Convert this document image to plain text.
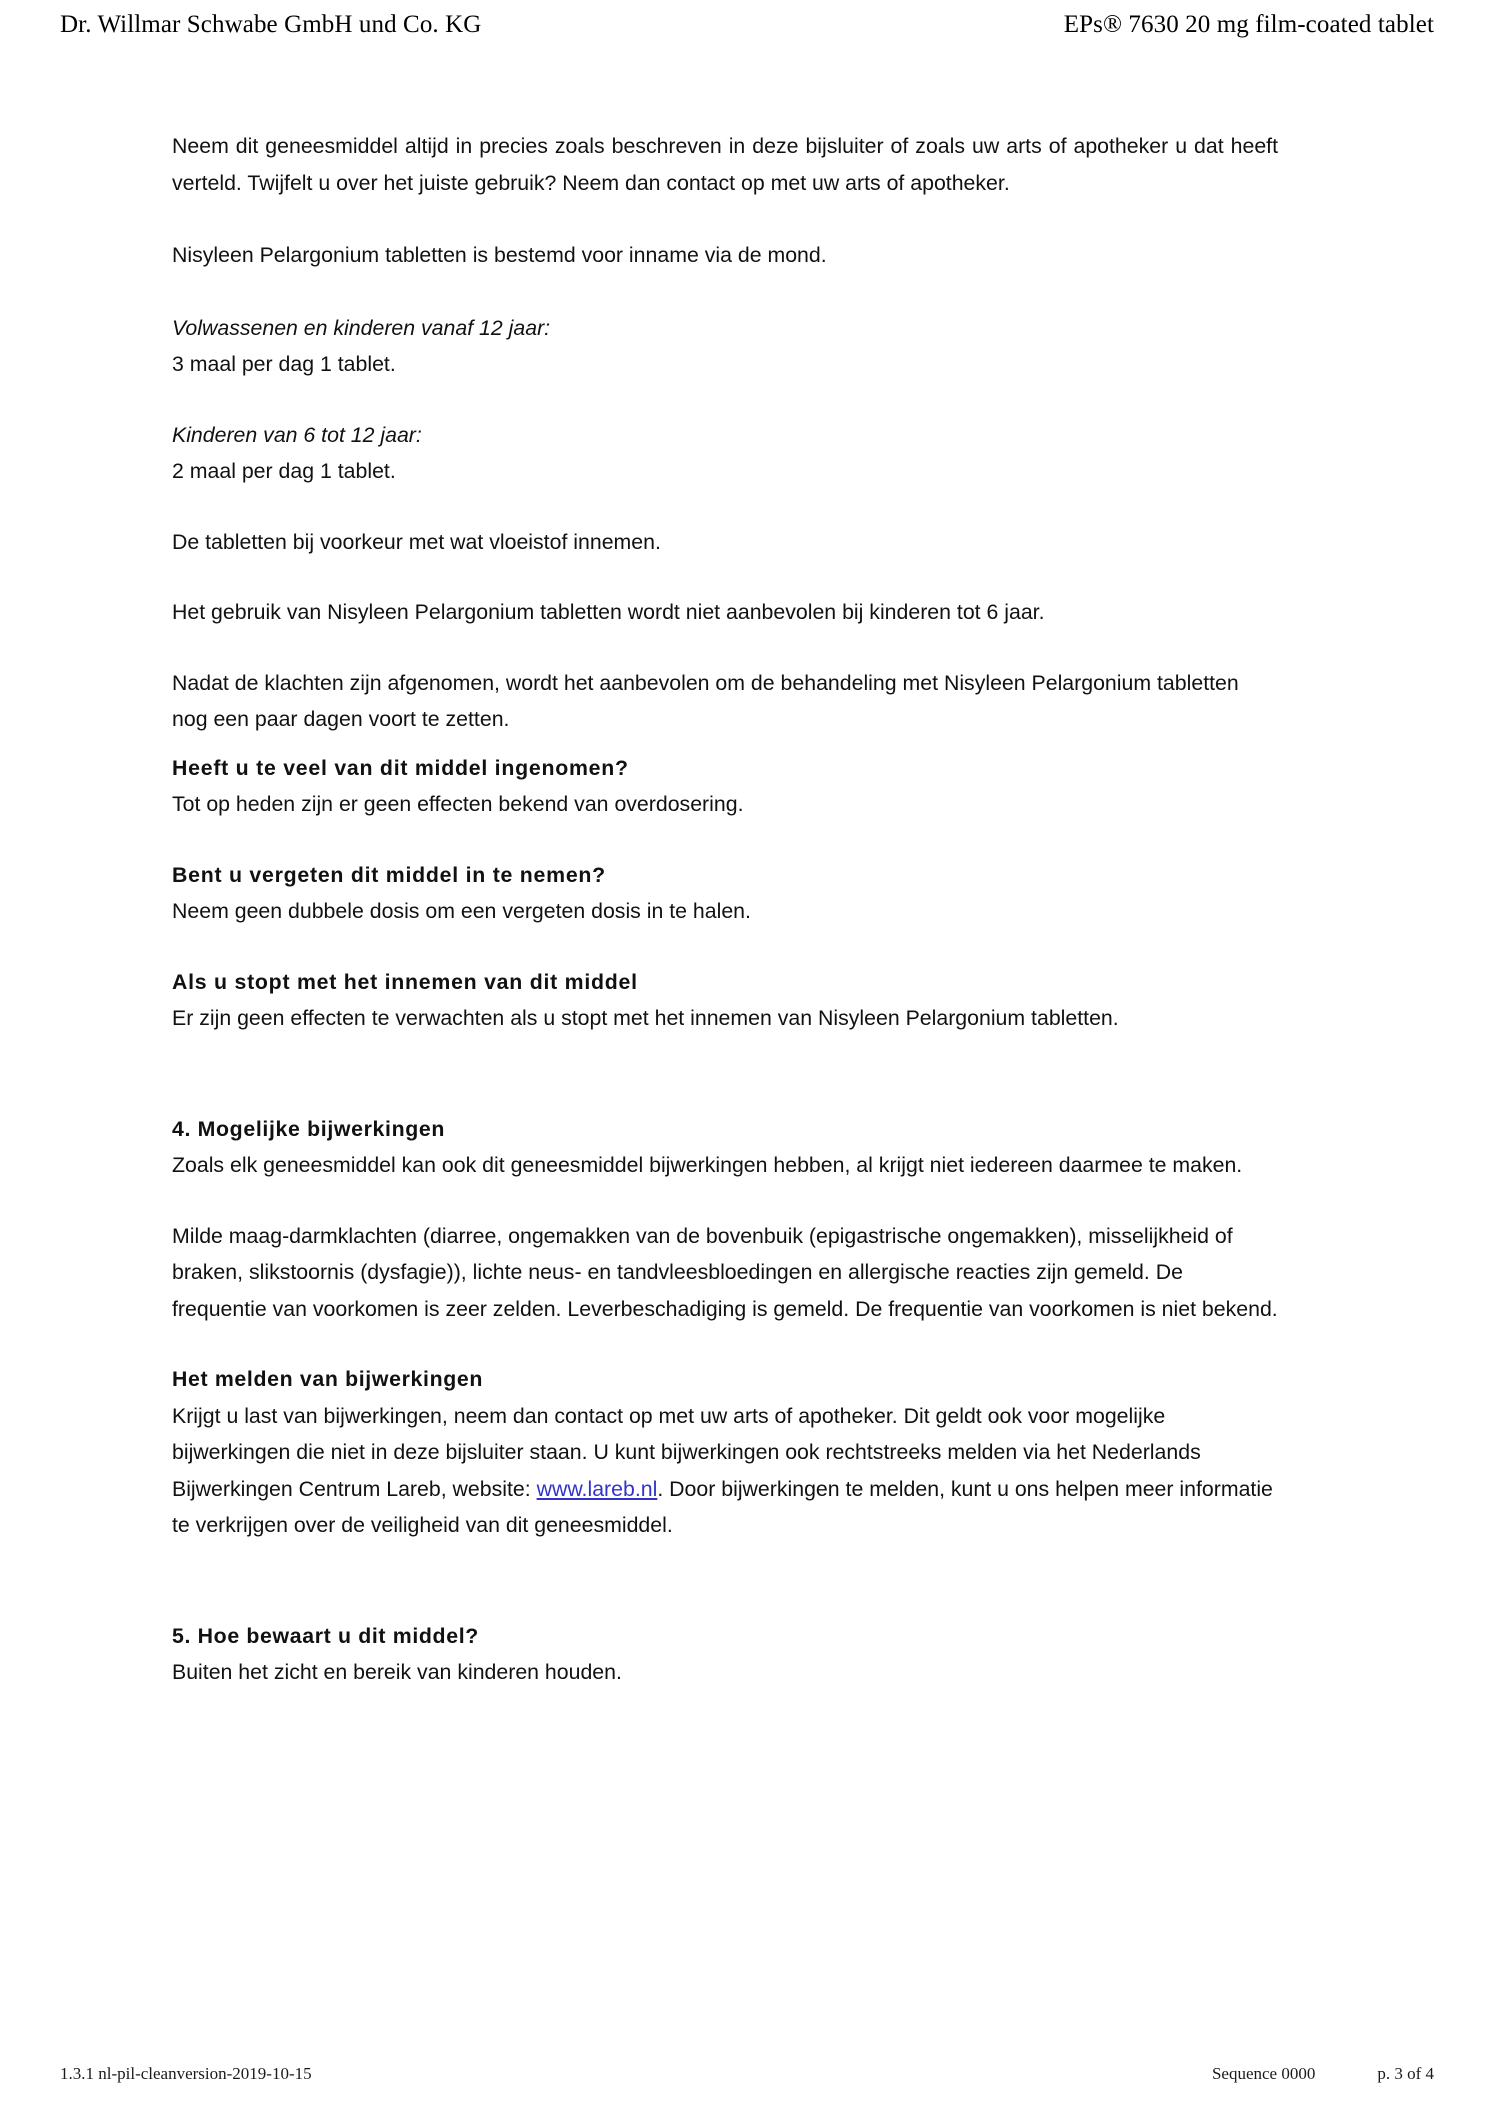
Dr. Willmar Schwabe GmbH und Co. KG	EPs® 7630 20 mg film-coated tablet

Neem dit geneesmiddel altijd in precies zoals beschreven in deze bijsluiter of zoals uw arts of apotheker u dat heeft verteld. Twijfelt u over het juiste gebruik? Neem dan contact op met uw arts of apotheker.

Nisyleen Pelargonium tabletten is bestemd voor inname via de mond.

Volwassenen en kinderen vanaf 12 jaar:

3 maal per dag 1 tablet.

Kinderen van 6 tot 12 jaar:

2 maal per dag 1 tablet.

De tabletten bij voorkeur met wat vloeistof innemen.

Het gebruik van Nisyleen Pelargonium tabletten wordt niet aanbevolen bij kinderen tot 6 jaar.

Nadat de klachten zijn afgenomen, wordt het aanbevolen om de behandeling met Nisyleen Pelargonium tabletten nog een paar dagen voort te zetten.

Heeft u te veel van dit middel ingenomen?

Tot op heden zijn er geen effecten bekend van overdosering.

Bent u vergeten dit middel in te nemen?

Neem geen dubbele dosis om een vergeten dosis in te halen.

Als u stopt met het innemen van dit middel

Er zijn geen effecten te verwachten als u stopt met het innemen van Nisyleen Pelargonium tabletten.

4. Mogelijke bijwerkingen

Zoals elk geneesmiddel kan ook dit geneesmiddel bijwerkingen hebben, al krijgt niet iedereen daarmee te maken.

Milde maag-darmklachten (diarree, ongemakken van de bovenbuik (epigastrische ongemakken), misselijkheid of braken, slikstoornis (dysfagie)), lichte neus- en tandvleesbloedingen en allergische reacties zijn gemeld. De frequentie van voorkomen is zeer zelden. Leverbeschadiging is gemeld. De frequentie van voorkomen is niet bekend.

Het melden van bijwerkingen

Krijgt u last van bijwerkingen, neem dan contact op met uw arts of apotheker. Dit geldt ook voor mogelijke bijwerkingen die niet in deze bijsluiter staan. U kunt bijwerkingen ook rechtstreeks melden via het Nederlands Bijwerkingen Centrum Lareb, website: www.lareb.nl. Door bijwerkingen te melden, kunt u ons helpen meer informatie te verkrijgen over de veiligheid van dit geneesmiddel.

5. Hoe bewaart u dit middel?

Buiten het zicht en bereik van kinderen houden.

1.3.1 nl-pil-cleanversion-2019-10-15	Sequence 0000	p. 3 of 4
